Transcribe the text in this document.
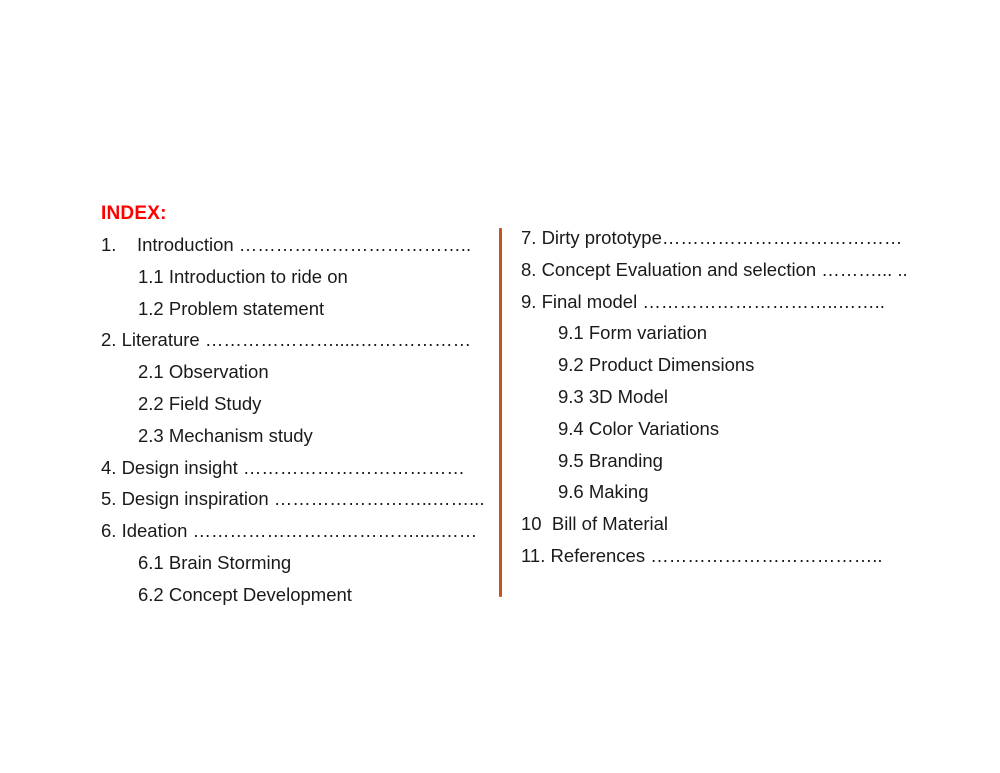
INDEX:
1.    Introduction ………………………………..
1.1 Introduction to ride on
1.2 Problem statement
2. Literature ………………….....………………
2.1 Observation
2.2 Field Study
2.3 Mechanism study
4. Design insight ………………………………
5. Design inspiration ……………………..……...
6. Ideation ……………………………….....……
6.1 Brain Storming
6.2 Concept Development
7. Dirty prototype…………………………………
8. Concept Evaluation and selection ………... ..
9. Final model …………………………..……..
9.1 Form variation
9.2 Product Dimensions
9.3 3D Model
9.4 Color Variations
9.5 Branding
9.6 Making
10  Bill of Material
11. References ………………………………..
